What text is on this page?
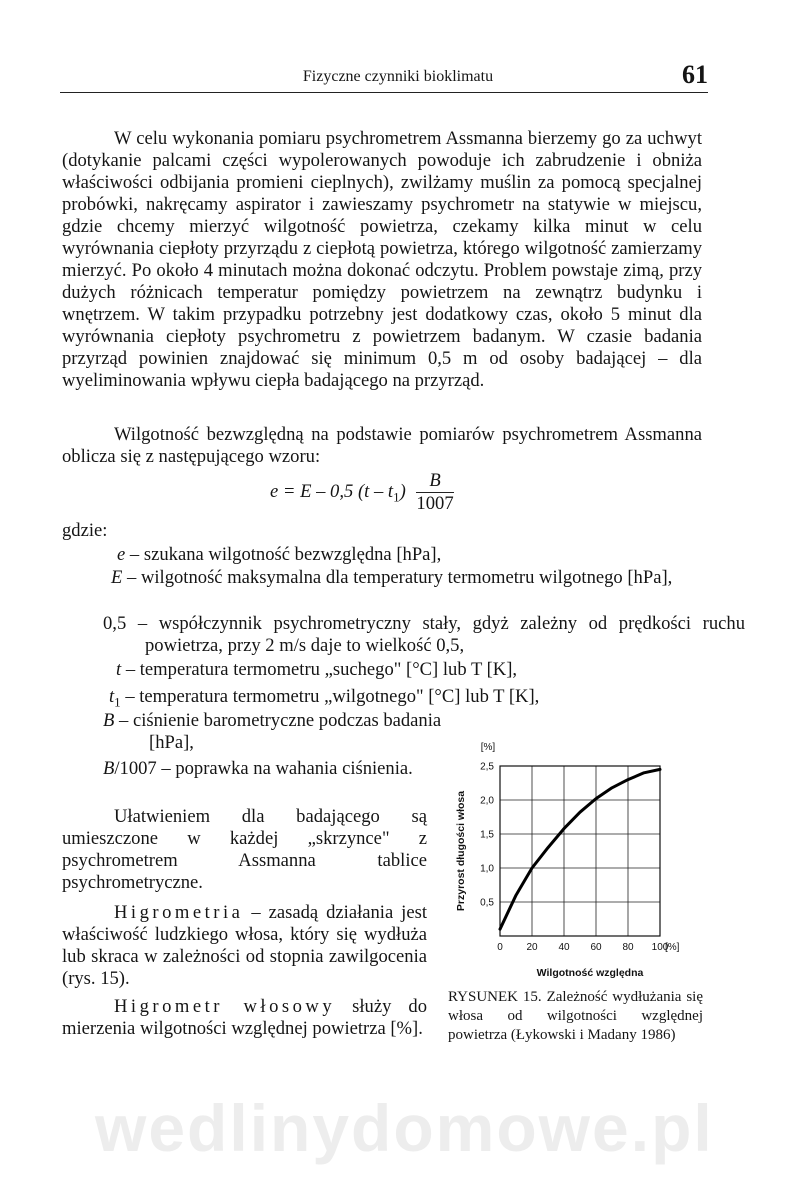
Fizyczne czynniki bioklimatu	61
W celu wykonania pomiaru psychrometrem Assmanna bierzemy go za uchwyt (dotykanie palcami części wypolerowanych powoduje ich zabrudzenie i obniża właściwości odbijania promieni cieplnych), zwilżamy muślin za pomocą specjalnej probówki, nakręcamy aspirator i zawieszamy psychrometr na statywie w miejscu, gdzie chcemy mierzyć wilgotność powietrza, czekamy kilka minut w celu wyrównania ciepłoty przyrządu z ciepłotą powietrza, którego wilgotność zamierzamy mierzyć. Po około 4 minutach można dokonać odczytu. Problem powstaje zimą, przy dużych różnicach temperatur pomiędzy powietrzem na zewnątrz budynku i wnętrzem. W takim przypadku potrzebny jest dodatkowy czas, około 5 minut dla wyrównania ciepłoty psychrometru z powietrzem badanym. W czasie badania przyrząd powinien znajdować się minimum 0,5 m od osoby badającej – dla wyeliminowania wpływu ciepła badającego na przyrząd.
Wilgotność bezwzględną na podstawie pomiarów psychrometrem Assmanna oblicza się z następującego wzoru:
e = E – 0,5 $(t - t_1) \frac{B}{1007}$
gdzie:
e – szukana wilgotność bezwzględna [hPa],
E – wilgotność maksymalna dla temperatury termometru wilgotnego [hPa],
0,5 – współczynnik psychrometryczny stały, gdyż zależny od prędkości ruchu powietrza, przy 2 m/s daje to wielkość 0,5,
t – temperatura termometru „suchego" [°C] lub T [K],
$t_1$ – temperatura termometru „wilgotnego" [°C] lub T [K],
B – ciśnienie barometryczne podczas badania [hPa],
B/1007 – poprawka na wahania ciśnienia.
Ułatwieniem dla badającego są umieszczone w każdej „skrzynce" z psychrometrem Assmanna tablice psychrometryczne.
Higrometria – zasadą działania jest właściwość ludzkiego włosa, który się wydłuża lub skraca w zależności od stopnia zawilgocenia (rys. 15).
Higrometr włosowy służy do mierzenia wilgotności względnej powietrza [%].
0,5
1,0
1,5
2,0
2,5
0 20 40 60 80 100
[%]
[%]
Wilgotność względna
Przyrost długości włosa
RYSUNEK 15. Zależność wydłużania się włosa od wilgotności względnej powietrza (Łykowski i Madany 1986)
wedlinydomowe.pl
